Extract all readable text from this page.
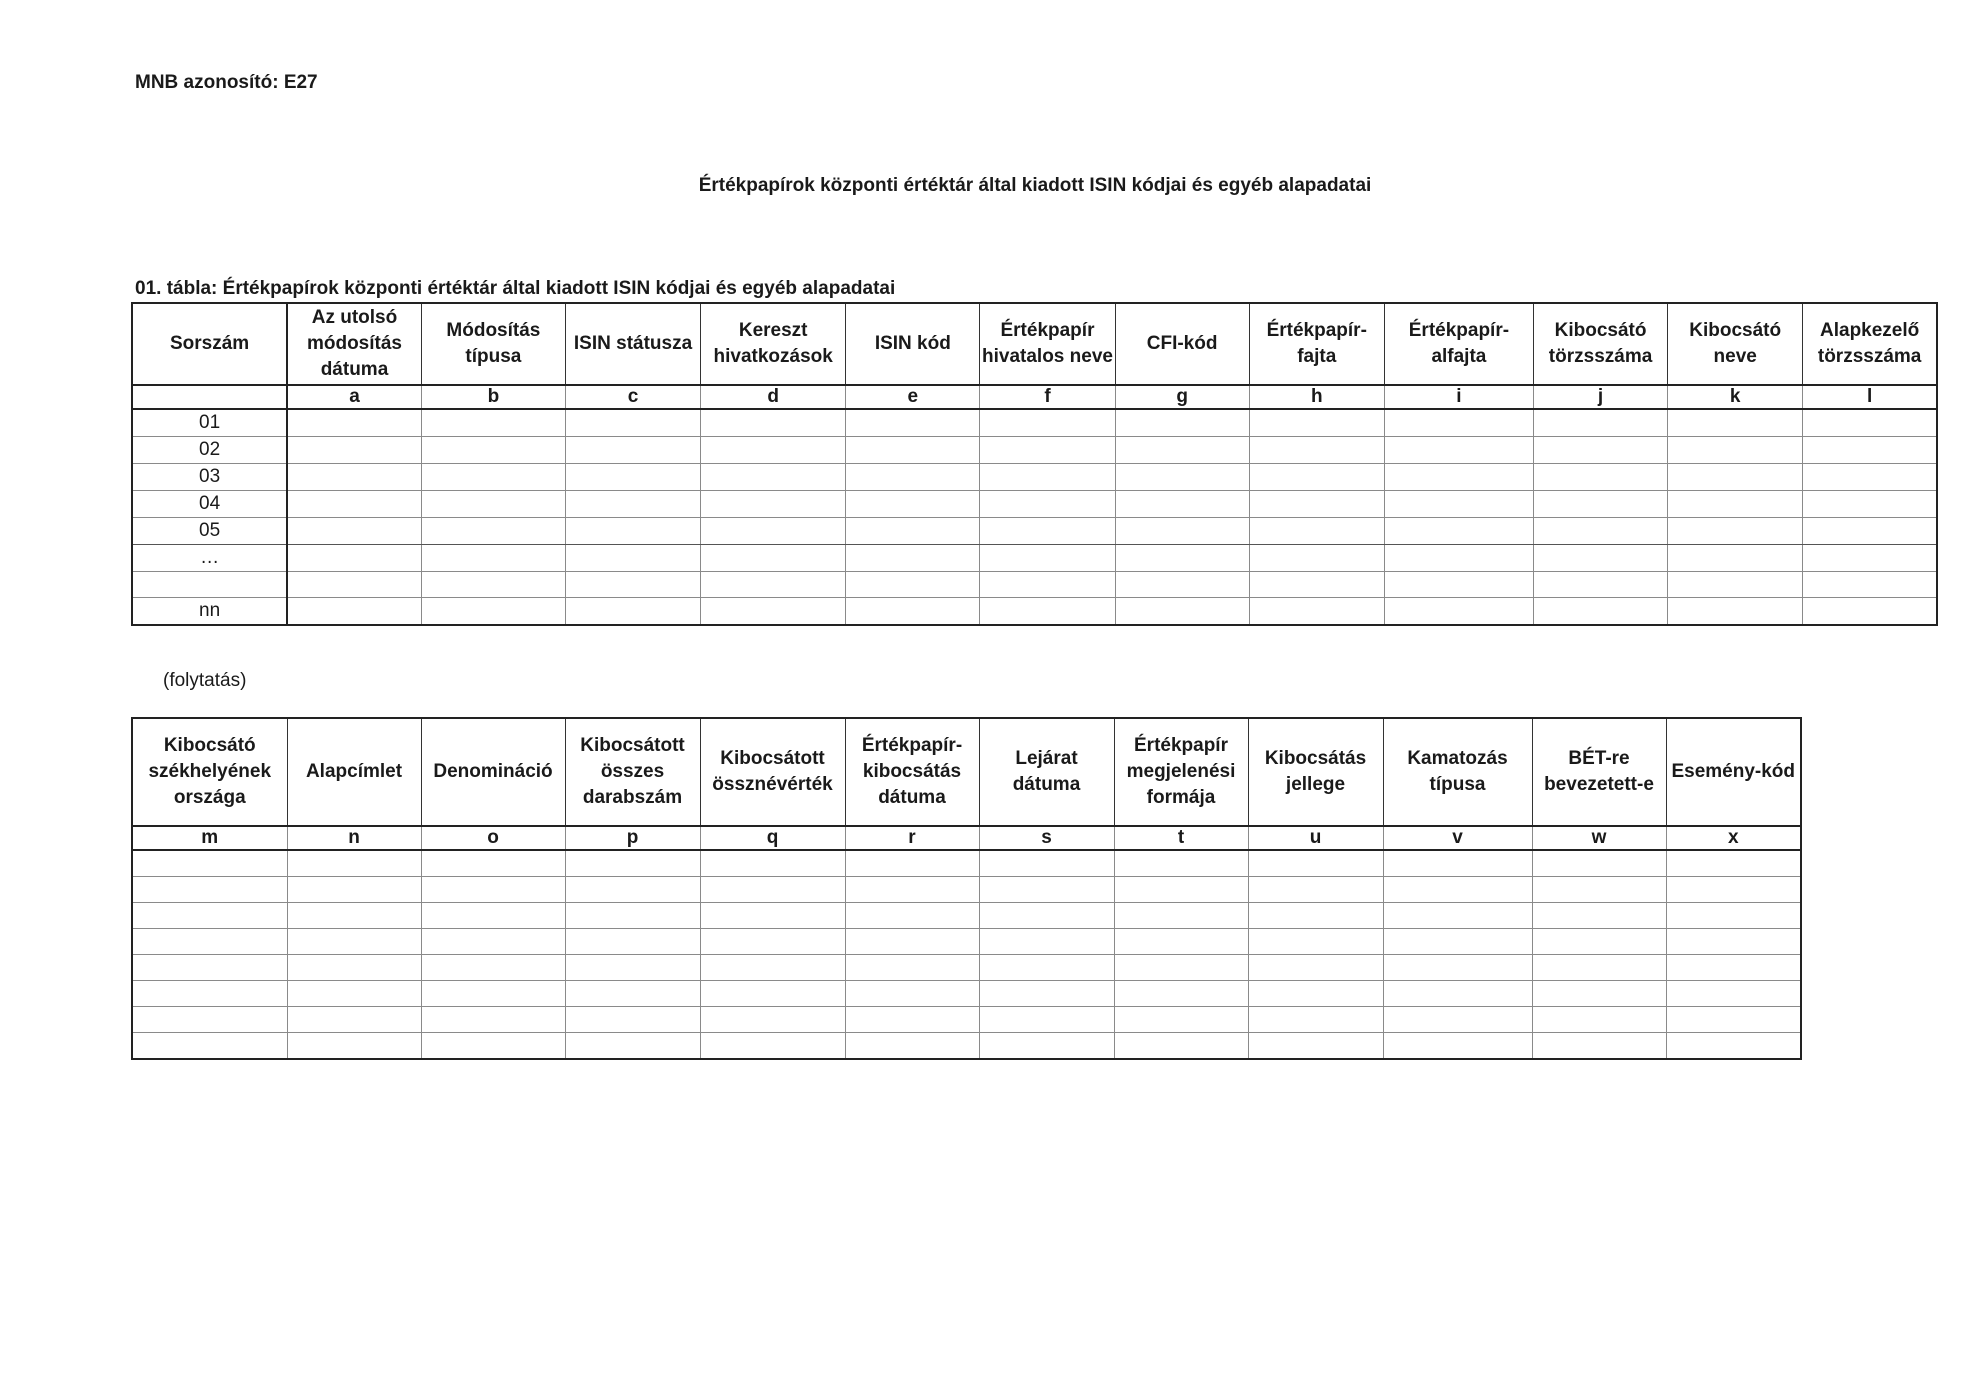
MNB azonosító: E27
Értékpapírok központi értéktár által kiadott ISIN kódjai és egyéb alapadatai
01. tábla: Értékpapírok központi értéktár által kiadott ISIN kódjai és egyéb alapadatai
Sorszám	Az utolsó módosítás dátuma	Módosítás típusa	ISIN státusza	Kereszt hivatkozások	ISIN kód	Értékpapír hivatalos neve	CFI-kód	Értékpapír-fajta	Értékpapír-alfajta	Kibocsátó törzsszáma	Kibocsátó neve	Alapkezelő törzsszáma
	a	b	c	d	e	f	g	h	i	j	k	l
01												
02												
03												
04												
05												
…												

nn												
(folytatás)
Kibocsátó székhelyének országa	Alapcímlet	Denomináció	Kibocsátott összes darabszám	Kibocsátott össznévérték	Értékpapír-kibocsátás dátuma	Lejárat dátuma	Értékpapír megjelenési formája	Kibocsátás jellege	Kamatozás típusa	BÉT-re bevezetett-e	Esemény-kód
m	n	o	p	q	r	s	t	u	v	w	x
